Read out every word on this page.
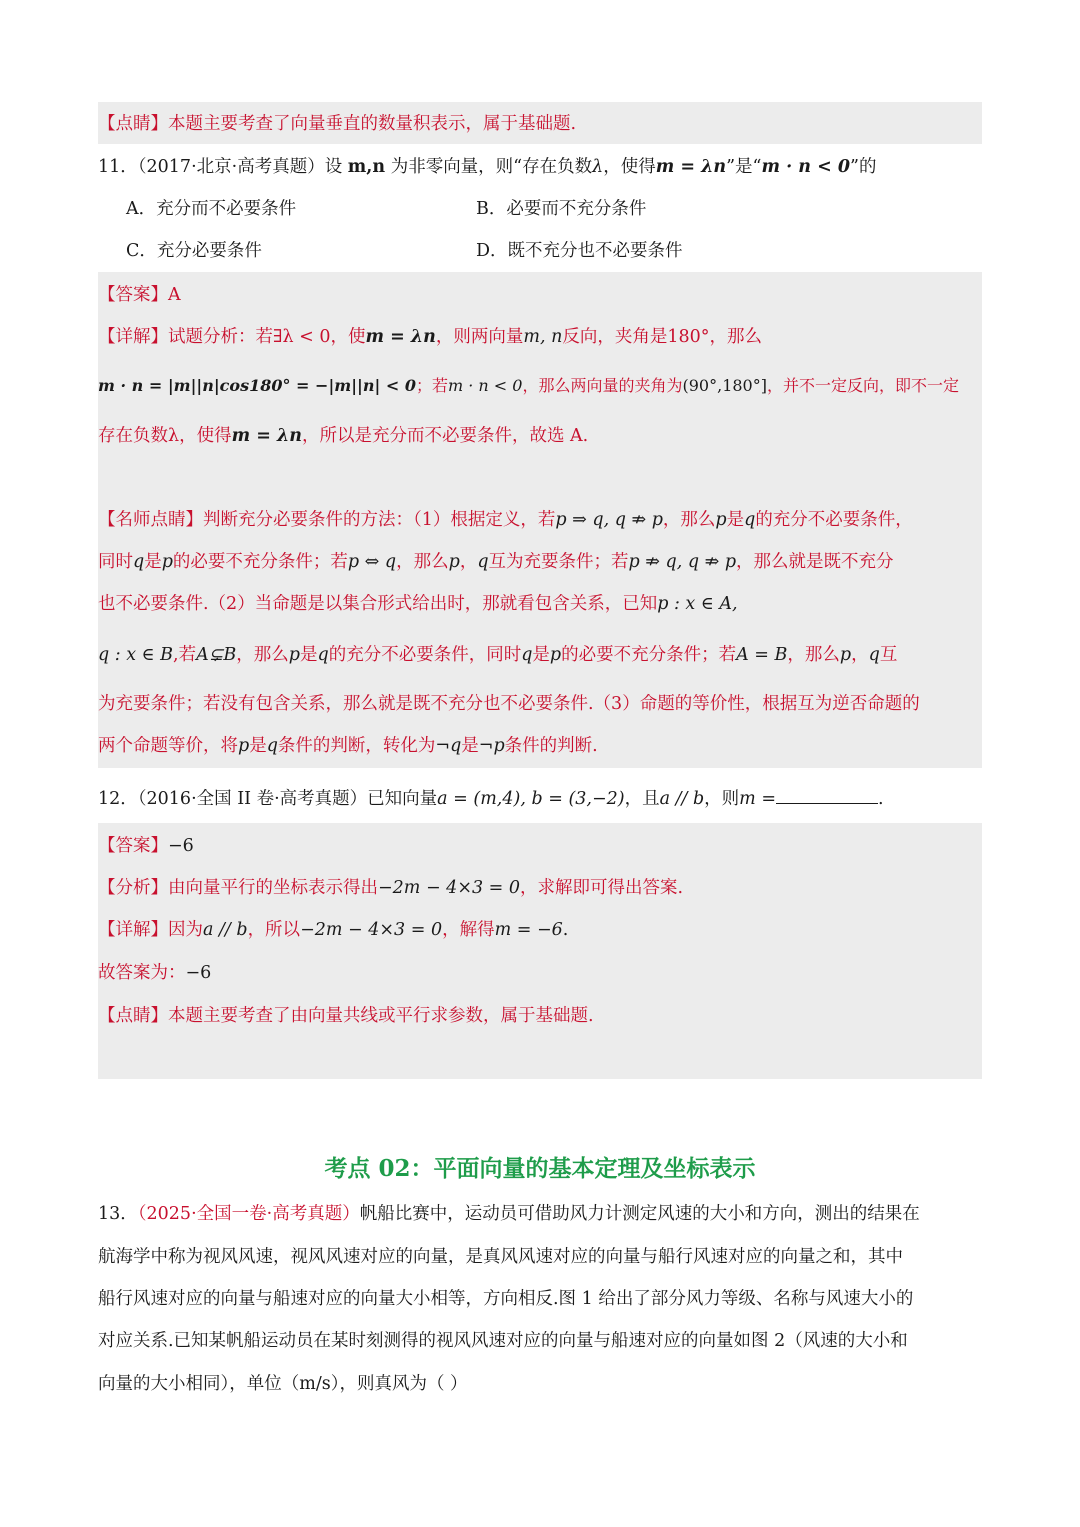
【点睛】本题主要考查了向量垂直的数量积表示，属于基础题.
11．（2017·北京·高考真题）设 m,n 为非零向量，则“存在负数λ，使得m = λn”是“m · n < 0”的
A．充分而不必要条件	B．必要而不充分条件
C．充分必要条件	D．既不充分也不必要条件
【答案】A
【详解】试题分析：若∃λ < 0，使m = λn，则两向量m, n反向，夹角是180°，那么
m · n = |m||n|cos180° = −|m||n| < 0；若m · n < 0，那么两向量的夹角为(90°,180°]，并不一定反向，即不一定
存在负数λ，使得m = λn，所以是充分而不必要条件，故选 A.
【名师点睛】判断充分必要条件的方法：（1）根据定义，若p ⇒ q, q ⇏ p，那么p是q的充分不必要条件，
同时q是p的必要不充分条件；若p ⇔ q，那么p，q互为充要条件；若p ⇏ q, q ⇏ p，那么就是既不充分
也不必要条件.（2）当命题是以集合形式给出时，那就看包含关系，已知p : x ∈ A,
q : x ∈ B,若A⊊B，那么p是q的充分不必要条件，同时q是p的必要不充分条件；若A = B，那么p，q互
为充要条件；若没有包含关系，那么就是既不充分也不必要条件.（3）命题的等价性，根据互为逆否命题的
两个命题等价，将p是q条件的判断，转化为¬q是¬p条件的判断.
12．（2016·全国 II 卷·高考真题）已知向量a = (m,4), b = (3,−2)，且a // b，则m =	.
【答案】−6
【分析】由向量平行的坐标表示得出−2m − 4×3 = 0，求解即可得出答案.
【详解】因为a // b，所以−2m − 4×3 = 0，解得m = −6.
故答案为：−6
【点睛】本题主要考查了由向量共线或平行求参数，属于基础题.
考点 02：平面向量的基本定理及坐标表示
13．（2025·全国一卷·高考真题）帆船比赛中，运动员可借助风力计测定风速的大小和方向，测出的结果在
航海学中称为视风风速，视风风速对应的向量，是真风风速对应的向量与船行风速对应的向量之和，其中
船行风速对应的向量与船速对应的向量大小相等，方向相反.图 1 给出了部分风力等级、名称与风速大小的
对应关系.已知某帆船运动员在某时刻测得的视风风速对应的向量与船速对应的向量如图 2（风速的大小和
向量的大小相同），单位（m/s），则真风为（ ）
